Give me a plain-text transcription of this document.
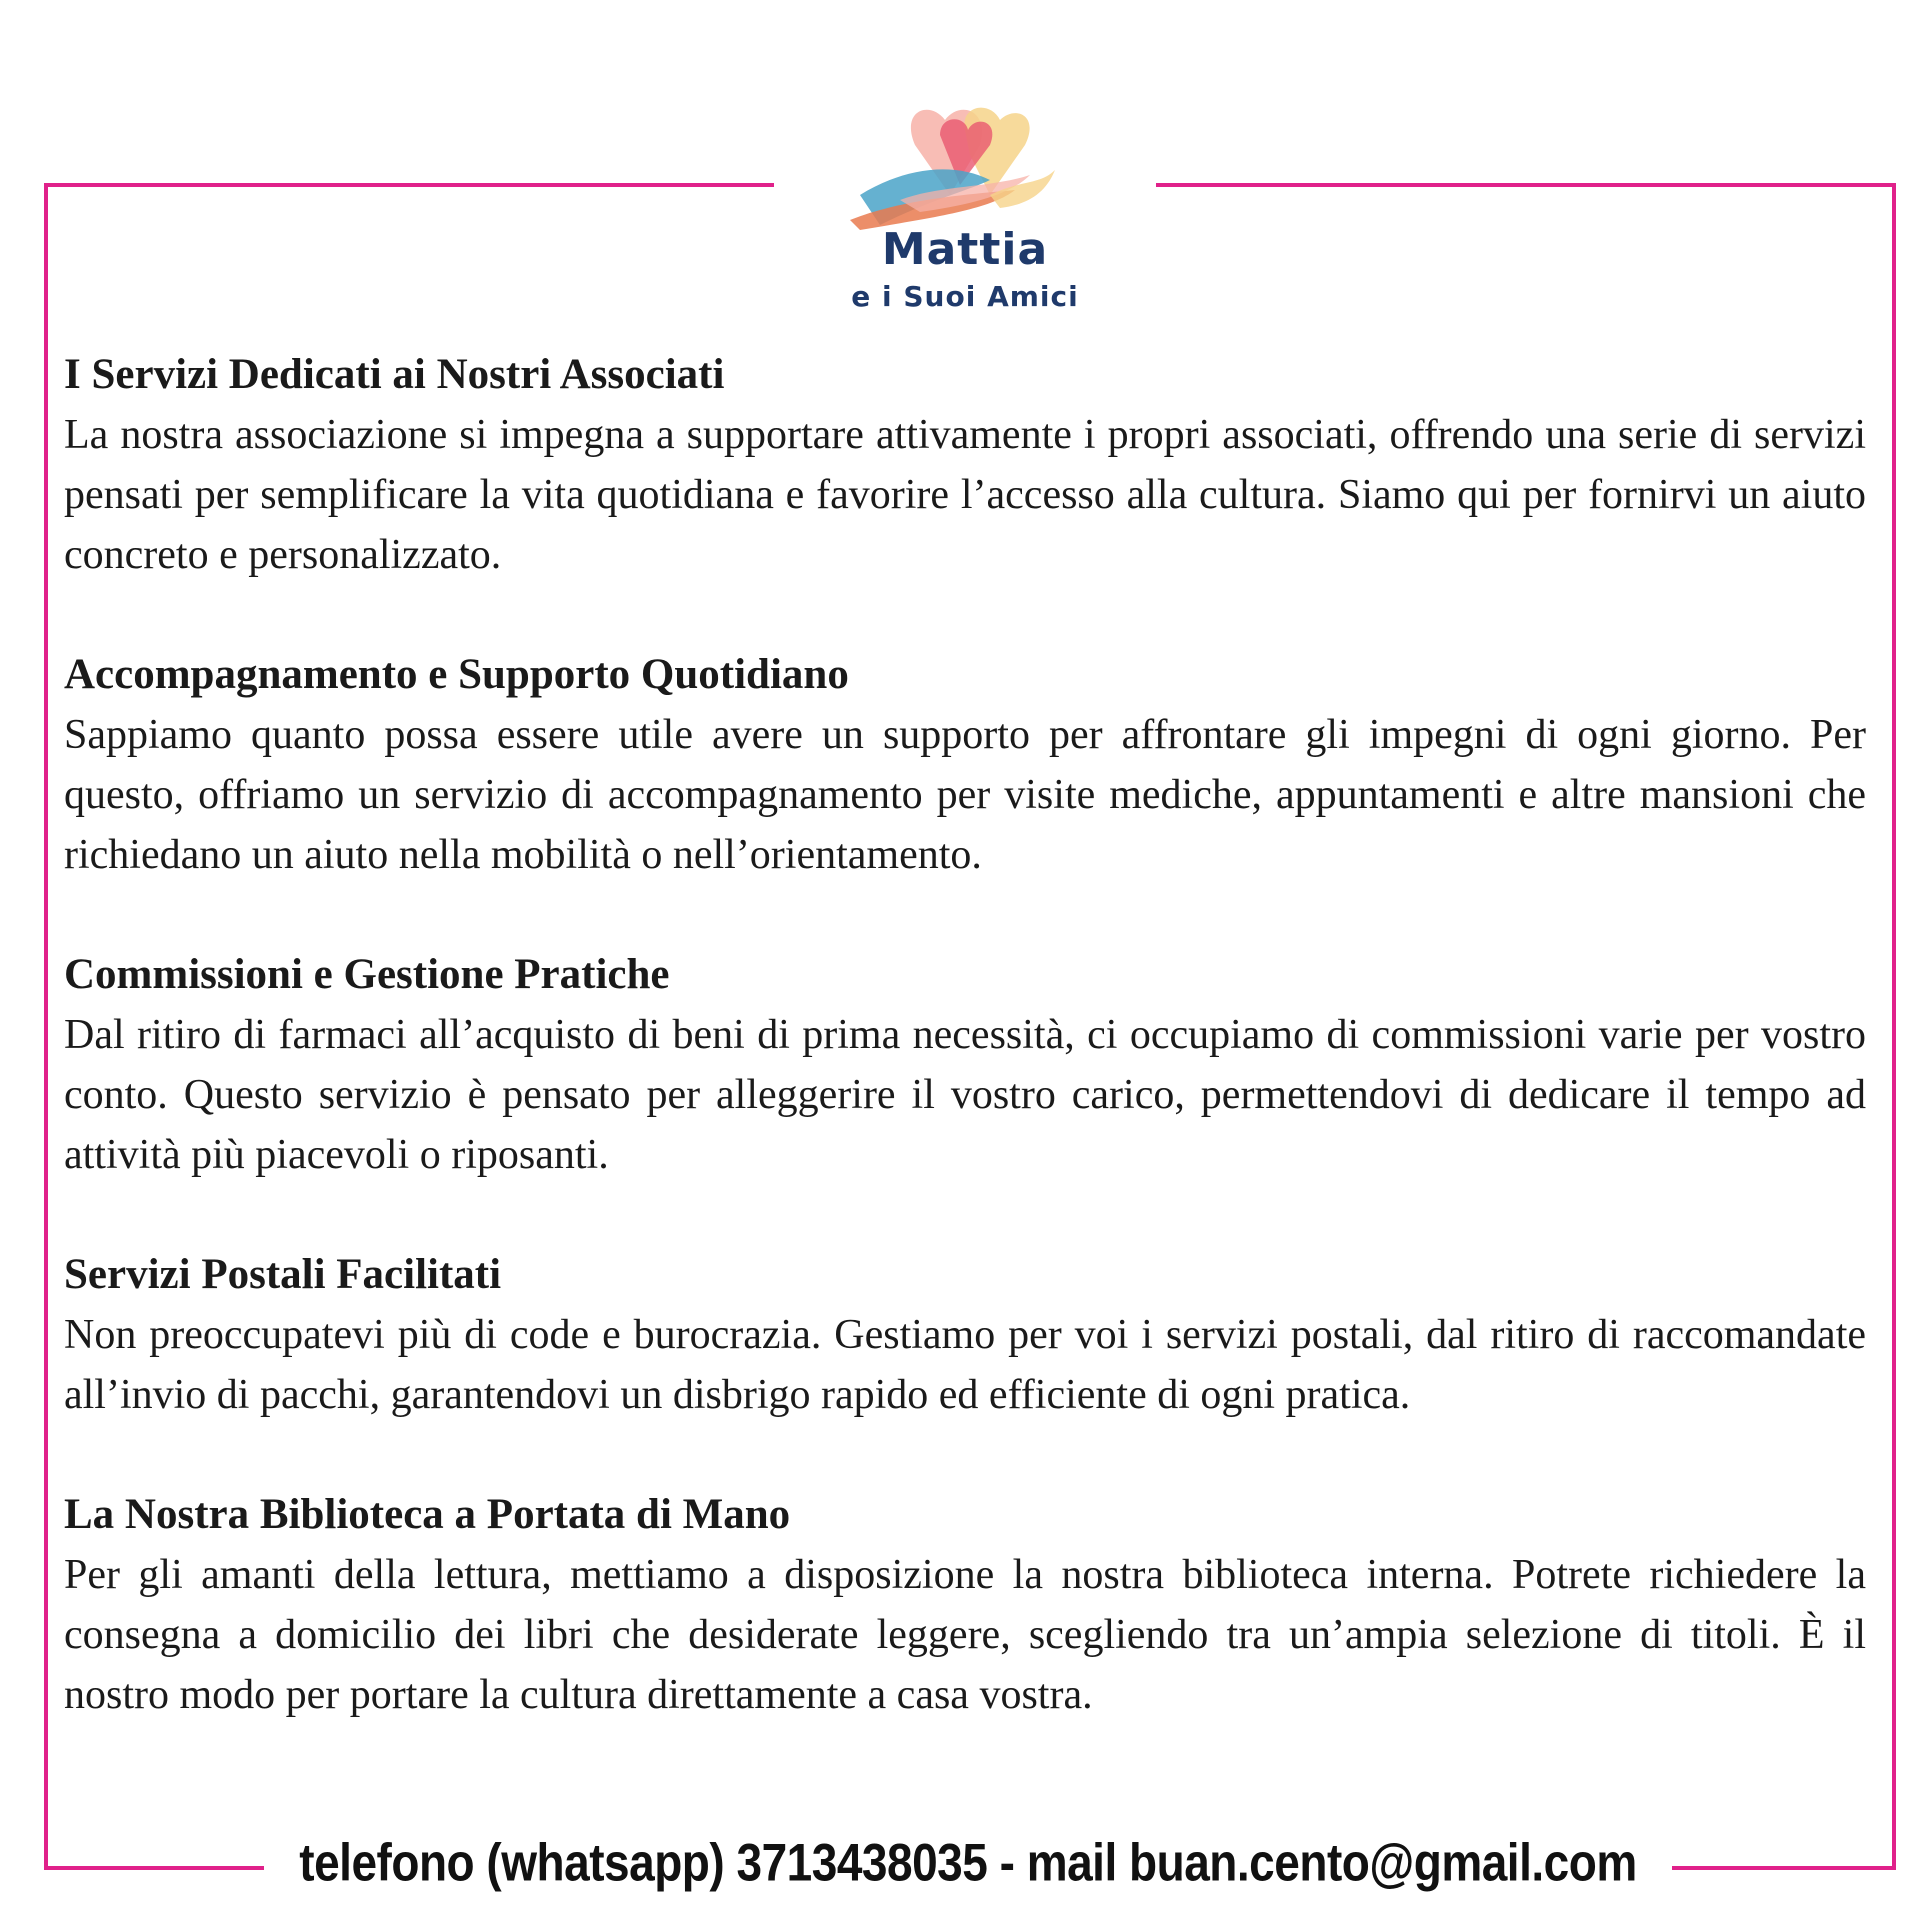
Mattia
e i Suoi Amici
I Servizi Dedicati ai Nostri Associati

La nostra associazione si impegna a supportare attivamente i propri associati, offrendo una serie di servizi pensati per semplificare la vita quotidiana e favorire l’accesso alla cultura. Siamo qui per fornirvi un aiuto concreto e personalizzato.

Accompagnamento e Supporto Quotidiano

Sappiamo quanto possa essere utile avere un supporto per affrontare gli impegni di ogni giorno. Per questo, offriamo un servizio di accompagnamento per visite mediche, appuntamenti e altre mansioni che richiedano un aiuto nella mobilità o nell’orientamento.

Commissioni e Gestione Pratiche

Dal ritiro di farmaci all’acquisto di beni di prima necessità, ci occupiamo di commissioni varie per vostro conto. Questo servizio è pensato per alleggerire il vostro carico, permettendovi di dedicare il tempo ad attività più piacevoli o riposanti.

Servizi Postali Facilitati

Non preoccupatevi più di code e burocrazia. Gestiamo per voi i servizi postali, dal ritiro di raccomandate all’invio di pacchi, garantendovi un disbrigo rapido ed efficiente di ogni pratica.

La Nostra Biblioteca a Portata di Mano

Per gli amanti della lettura, mettiamo a disposizione la nostra biblioteca interna. Potrete richiedere la consegna a domicilio dei libri che desiderate leggere, scegliendo tra un’ampia selezione di titoli. È il nostro modo per portare la cultura direttamente a casa vostra.

telefono (whatsapp) 3713438035 - mail buan.cento@gmail.com
